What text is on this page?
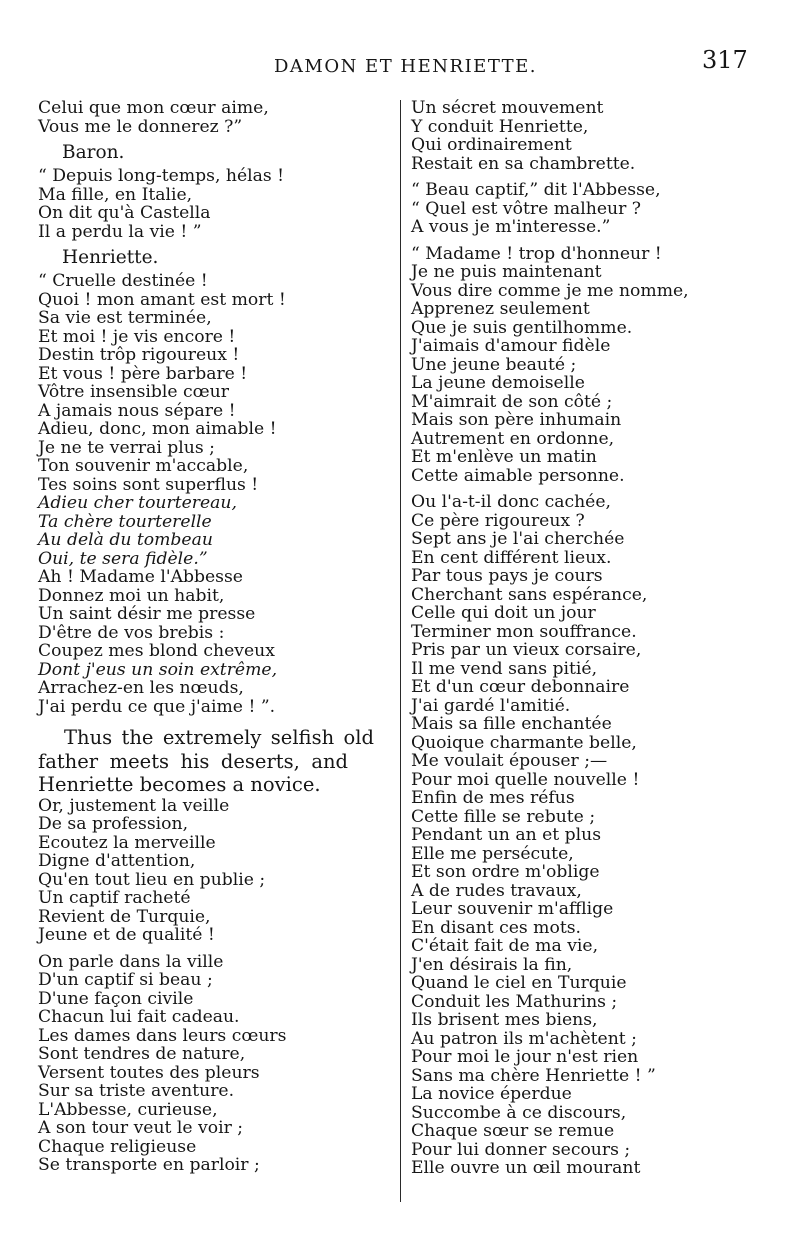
DAMON ET HENRIETTE.	317
Celui que mon cœur aime,
Vous me le donnerez ?”
Baron.
“ Depuis long-temps, hélas !
Ma fille, en Italie,
On dit qu'à Castella
Il a perdu la vie ! ”
Henriette.
“ Cruelle destinée !
Quoi ! mon amant est mort !
Sa vie est terminée,
Et moi ! je vis encore !
Destin trôp rigoureux !
Et vous ! père barbare !
Vôtre insensible cœur
A jamais nous sépare !
Adieu, donc, mon aimable !
Je ne te verrai plus ;
Ton souvenir m'accable,
Tes soins sont superflus !
Adieu cher tourtereau,
Ta chère tourterelle
Au delà du tombeau
Oui, te sera fidèle.”
Ah ! Madame l'Abbesse
Donnez moi un habit,
Un saint désir me presse
D'être de vos brebis :
Coupez mes blond cheveux
Dont j'eus un soin extrême,
Arrachez-en les nœuds,
J'ai perdu ce que j'aime ! ”.
Thus the extremely selfish old
father meets his deserts, and
Henriette becomes a novice.
Or, justement la veille
De sa profession,
Ecoutez la merveille
Digne d'attention,
Qu'en tout lieu en publie ;
Un captif racheté
Revient de Turquie,
Jeune et de qualité !
On parle dans la ville
D'un captif si beau ;
D'une façon civile
Chacun lui fait cadeau.
Les dames dans leurs cœurs
Sont tendres de nature,
Versent toutes des pleurs
Sur sa triste aventure.
L'Abbesse, curieuse,
A son tour veut le voir ;
Chaque religieuse
Se transporte en parloir ;
Un sécret mouvement
Y conduit Henriette,
Qui ordinairement
Restait en sa chambrette.
“ Beau captif,” dit l'Abbesse,
“ Quel est vôtre malheur ?
A vous je m'interesse.”
“ Madame ! trop d'honneur !
Je ne puis maintenant
Vous dire comme je me nomme,
Apprenez seulement
Que je suis gentilhomme.
J'aimais d'amour fidèle
Une jeune beauté ;
La jeune demoiselle
M'aimrait de son côté ;
Mais son père inhumain
Autrement en ordonne,
Et m'enlève un matin
Cette aimable personne.
Ou l'a-t-il donc cachée,
Ce père rigoureux ?
Sept ans je l'ai cherchée
En cent différent lieux.
Par tous pays je cours
Cherchant sans espérance,
Celle qui doit un jour
Terminer mon souffrance.
Pris par un vieux corsaire,
Il me vend sans pitié,
Et d'un cœur debonnaire
J'ai gardé l'amitié.
Mais sa fille enchantée
Quoique charmante belle,
Me voulait épouser ;—
Pour moi quelle nouvelle !
Enfin de mes réfus
Cette fille se rebute ;
Pendant un an et plus
Elle me persécute,
Et son ordre m'oblige
A de rudes travaux,
Leur souvenir m'afflige
En disant ces mots.
C'était fait de ma vie,
J'en désirais la fin,
Quand le ciel en Turquie
Conduit les Mathurins ;
Ils brisent mes biens,
Au patron ils m'achètent ;
Pour moi le jour n'est rien
Sans ma chère Henriette ! ”
La novice éperdue
Succombe à ce discours,
Chaque sœur se remue
Pour lui donner secours ;
Elle ouvre un œil mourant
